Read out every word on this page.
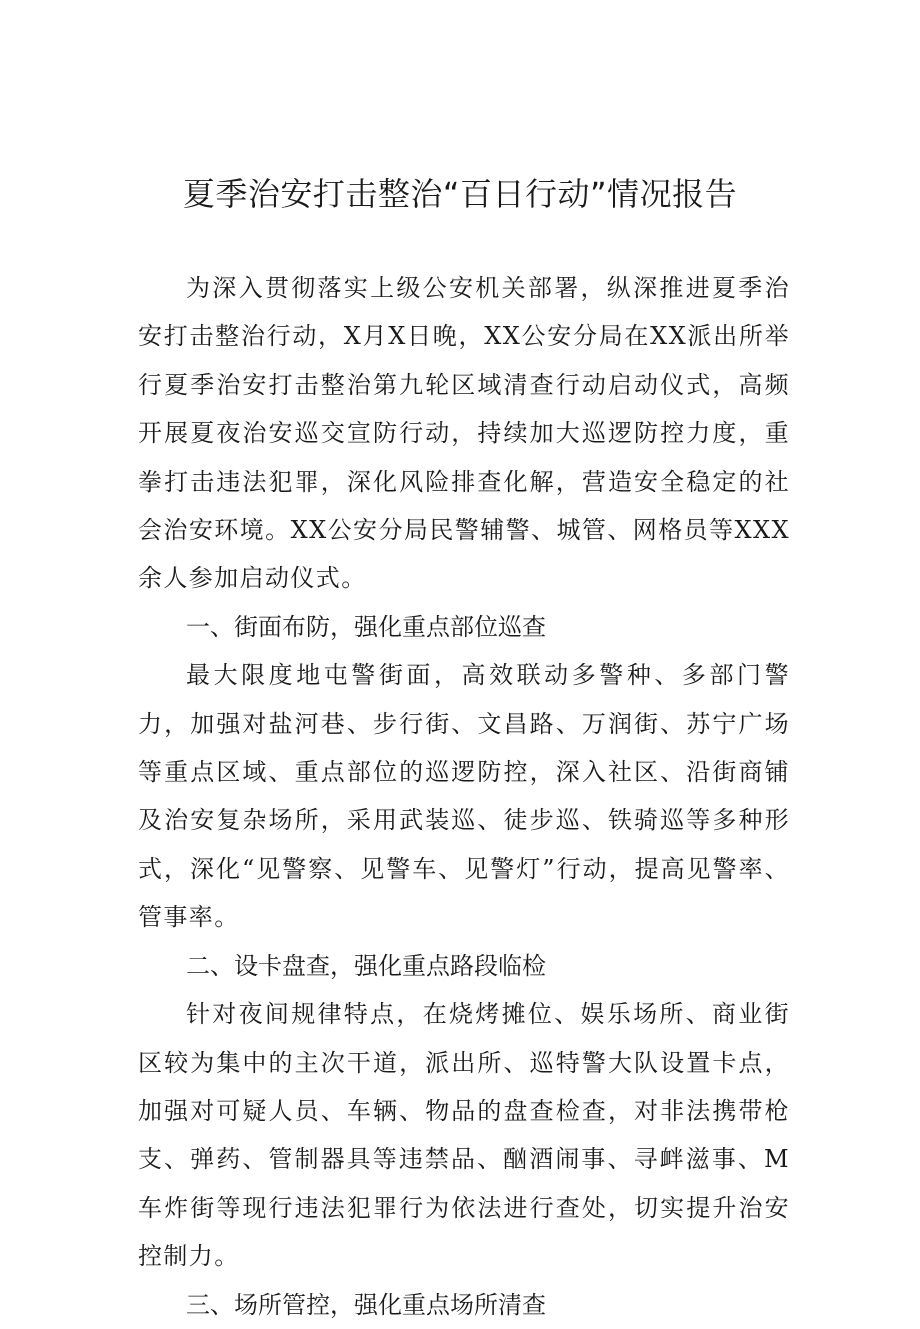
夏季治安打击整治“百日行动”情况报告

为深入贯彻落实上级公安机关部署，纵深推进夏季治安打击整治行动，X月X日晚，XX公安分局在XX派出所举行夏季治安打击整治第九轮区域清查行动启动仪式，高频开展夏夜治安巡交宣防行动，持续加大巡逻防控力度，重拳打击违法犯罪，深化风险排查化解，营造安全稳定的社会治安环境。XX公安分局民警辅警、城管、网格员等XXX余人参加启动仪式。

一、街面布防，强化重点部位巡查

最大限度地屯警街面，高效联动多警种、多部门警力，加强对盐河巷、步行街、文昌路、万润街、苏宁广场等重点区域、重点部位的巡逻防控，深入社区、沿街商铺及治安复杂场所，采用武装巡、徒步巡、铁骑巡等多种形式，深化“见警察、见警车、见警灯”行动，提高见警率、管事率。

二、设卡盘查，强化重点路段临检

针对夜间规律特点，在烧烤摊位、娱乐场所、商业街区较为集中的主次干道，派出所、巡特警大队设置卡点，加强对可疑人员、车辆、物品的盘查检查，对非法携带枪支、弹药、管制器具等违禁品、酗酒闹事、寻衅滋事、M车炸街等现行违法犯罪行为依法进行查处，切实提升治安控制力。

三、场所管控，强化重点场所清查
